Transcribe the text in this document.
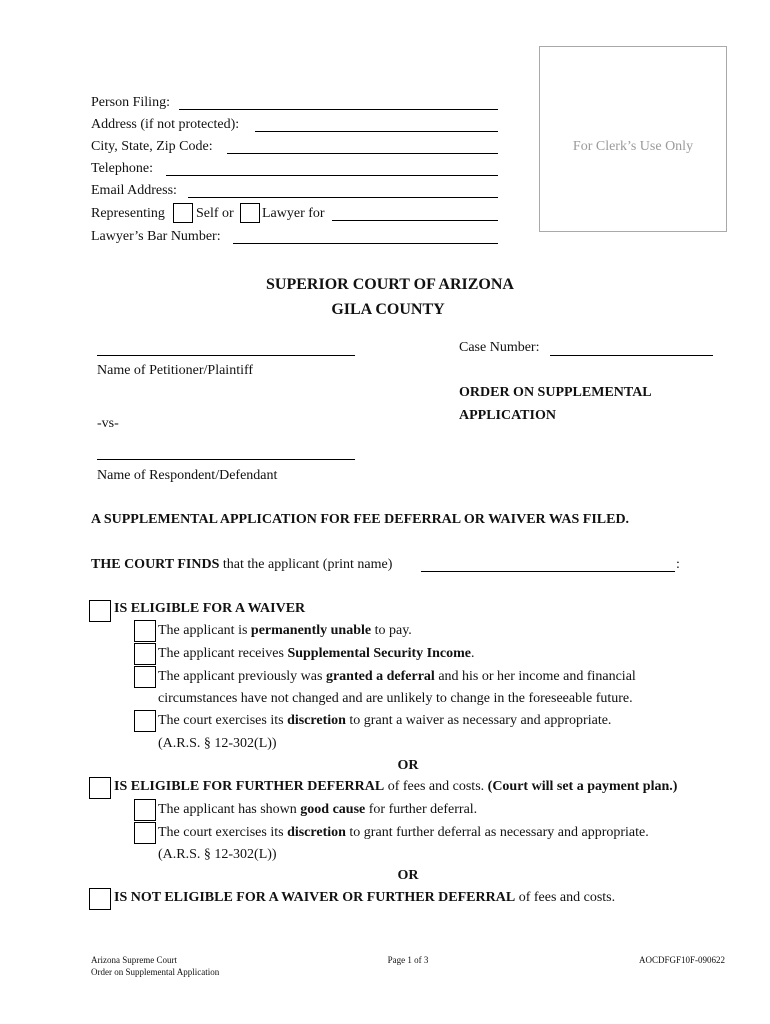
For Clerk’s Use Only
Person Filing:
Address (if not protected):
City, State, Zip Code:
Telephone:
Email Address:
Representing Self or Lawyer for
Lawyer’s Bar Number:
SUPERIOR COURT OF ARIZONA
GILA COUNTY
Name of Petitioner/Plaintiff
-vs-
Name of Respondent/Defendant
Case Number:
ORDER ON SUPPLEMENTAL
APPLICATION
A SUPPLEMENTAL APPLICATION FOR FEE DEFERRAL OR WAIVER WAS FILED.
THE COURT FINDS that the applicant (print name)	:
IS ELIGIBLE FOR A WAIVER
The applicant is permanently unable to pay.
The applicant receives Supplemental Security Income.
The applicant previously was granted a deferral and his or her income and financial
circumstances have not changed and are unlikely to change in the foreseeable future.
The court exercises its discretion to grant a waiver as necessary and appropriate.
(A.R.S. § 12-302(L))
OR
IS ELIGIBLE FOR FURTHER DEFERRAL of fees and costs. (Court will set a payment plan.)
The applicant has shown good cause for further deferral.
The court exercises its discretion to grant further deferral as necessary and appropriate.
(A.R.S. § 12-302(L))
OR
IS NOT ELIGIBLE FOR A WAIVER OR FURTHER DEFERRAL of fees and costs.
Arizona Supreme Court
Order on Supplemental Application
Page 1 of 3	AOCDFGF10F-090622
